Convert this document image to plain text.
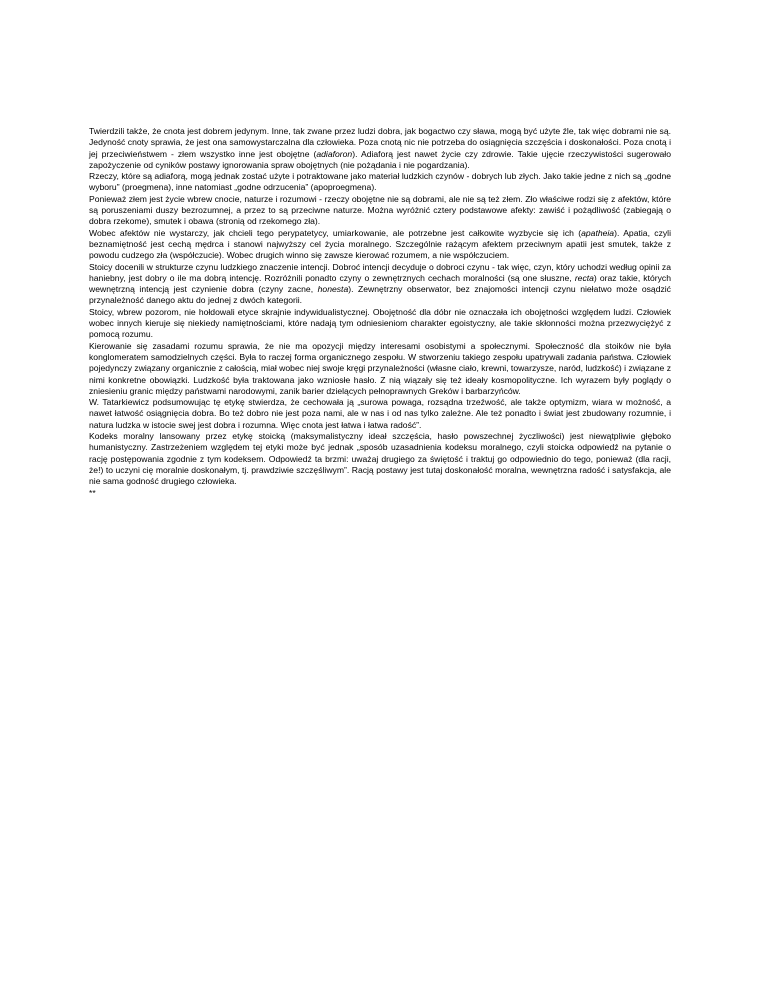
Twierdzili także, że cnota jest dobrem jedynym. Inne, tak zwane przez ludzi dobra, jak bogactwo czy sława, mogą być użyte źle, tak więc dobrami nie są. Jedyność cnoty sprawia, że jest ona samowystarczalna dla człowieka. Poza cnotą nic nie potrzeba do osiągnięcia szczęścia i doskonałości. Poza cnotą i jej przeciwieństwem - złem wszystko inne jest obojętne (adiaforon). Adiaforą jest nawet życie czy zdrowie. Takie ujęcie rzeczywistości sugerowało zapożyczenie od cyników postawy ignorowania spraw obojętnych (nie pożądania i nie pogardzania).

Rzeczy, które są adiaforą, mogą jednak zostać użyte i potraktowane jako materiał ludzkich czynów - dobrych lub złych. Jako takie jedne z nich są „godne wyboru” (proegmena), inne natomiast „godne odrzucenia” (apoproegmena).

Ponieważ złem jest życie wbrew cnocie, naturze i rozumowi - rzeczy obojętne nie są dobrami, ale nie są też złem. Zło właściwe rodzi się z afektów, które są poruszeniami duszy bezrozumnej, a przez to są przeciwne naturze. Można wyróżnić cztery podstawowe afekty: zawiść i pożądliwość (zabiegają o dobra rzekome), smutek i obawa (stronią od rzekomego zła).

Wobec afektów nie wystarczy, jak chcieli tego perypatetycy, umiarkowanie, ale potrzebne jest całkowite wyzbycie się ich (apatheia). Apatia, czyli beznamiętność jest cechą mędrca i stanowi najwyższy cel życia moralnego. Szczególnie rażącym afektem przeciwnym apatii jest smutek, także z powodu cudzego zła (współczucie). Wobec drugich winno się zawsze kierować rozumem, a nie współczuciem.

Stoicy docenili w strukturze czynu ludzkiego znaczenie intencji. Dobroć intencji decyduje o dobroci czynu - tak więc, czyn, który uchodzi według opinii za haniebny, jest dobry o ile ma dobrą intencję. Rozróżnili ponadto czyny o zewnętrznych cechach moralności (są one słuszne, recta) oraz takie, których wewnętrzną intencją jest czynienie dobra (czyny zacne, honesta). Zewnętrzny obserwator, bez znajomości intencji czynu niełatwo może osądzić przynależność danego aktu do jednej z dwóch kategorii.

Stoicy, wbrew pozorom, nie hołdowali etyce skrajnie indywidualistycznej. Obojętność dla dóbr nie oznaczała ich obojętności względem ludzi. Człowiek wobec innych kieruje się niekiedy namiętnościami, które nadają tym odniesieniom charakter egoistyczny, ale takie skłonności można przezwyciężyć z pomocą rozumu.

Kierowanie się zasadami rozumu sprawia, że nie ma opozycji między interesami osobistymi a społecznymi. Społeczność dla stoików nie była konglomeratem samodzielnych części. Była to raczej forma organicznego zespołu. W stworzeniu takiego zespołu upatrywali zadania państwa. Człowiek pojedynczy związany organicznie z całością, miał wobec niej swoje kręgi przynależności (własne ciało, krewni, towarzysze, naród, ludzkość) i związane z nimi konkretne obowiązki. Ludzkość była traktowana jako wzniosłe hasło. Z nią wiązały się też ideały kosmopolityczne. Ich wyrazem były poglądy o zniesieniu granic między państwami narodowymi, zanik barier dzielących pełnoprawnych Greków i barbarzyńców.

W. Tatarkiewicz podsumowując tę etykę stwierdza, że cechowała ją „surowa powaga, rozsądna trzeźwość, ale także optymizm, wiara w możność, a nawet łatwość osiągnięcia dobra. Bo też dobro nie jest poza nami, ale w nas i od nas tylko zależne. Ale też ponadto i świat jest zbudowany rozumnie, i natura ludzka w istocie swej jest dobra i rozumna. Więc cnota jest łatwa i łatwa radość”.

Kodeks moralny lansowany przez etykę stoicką (maksymalistyczny ideał szczęścia, hasło powszechnej życzliwości) jest niewątpliwie głęboko humanistyczny. Zastrzeżeniem względem tej etyki może być jednak „sposób uzasadnienia kodeksu moralnego, czyli stoicka odpowiedź na pytanie o rację postępowania zgodnie z tym kodeksem. Odpowiedź ta brzmi: uważaj drugiego za świętość i traktuj go odpowiednio do tego, ponieważ (dla racji, że!) to uczyni cię moralnie doskonałym, tj. prawdziwie szczęśliwym”. Racją postawy jest tutaj doskonałość moralna, wewnętrzna radość i satysfakcja, ale nie sama godność drugiego człowieka.

**
